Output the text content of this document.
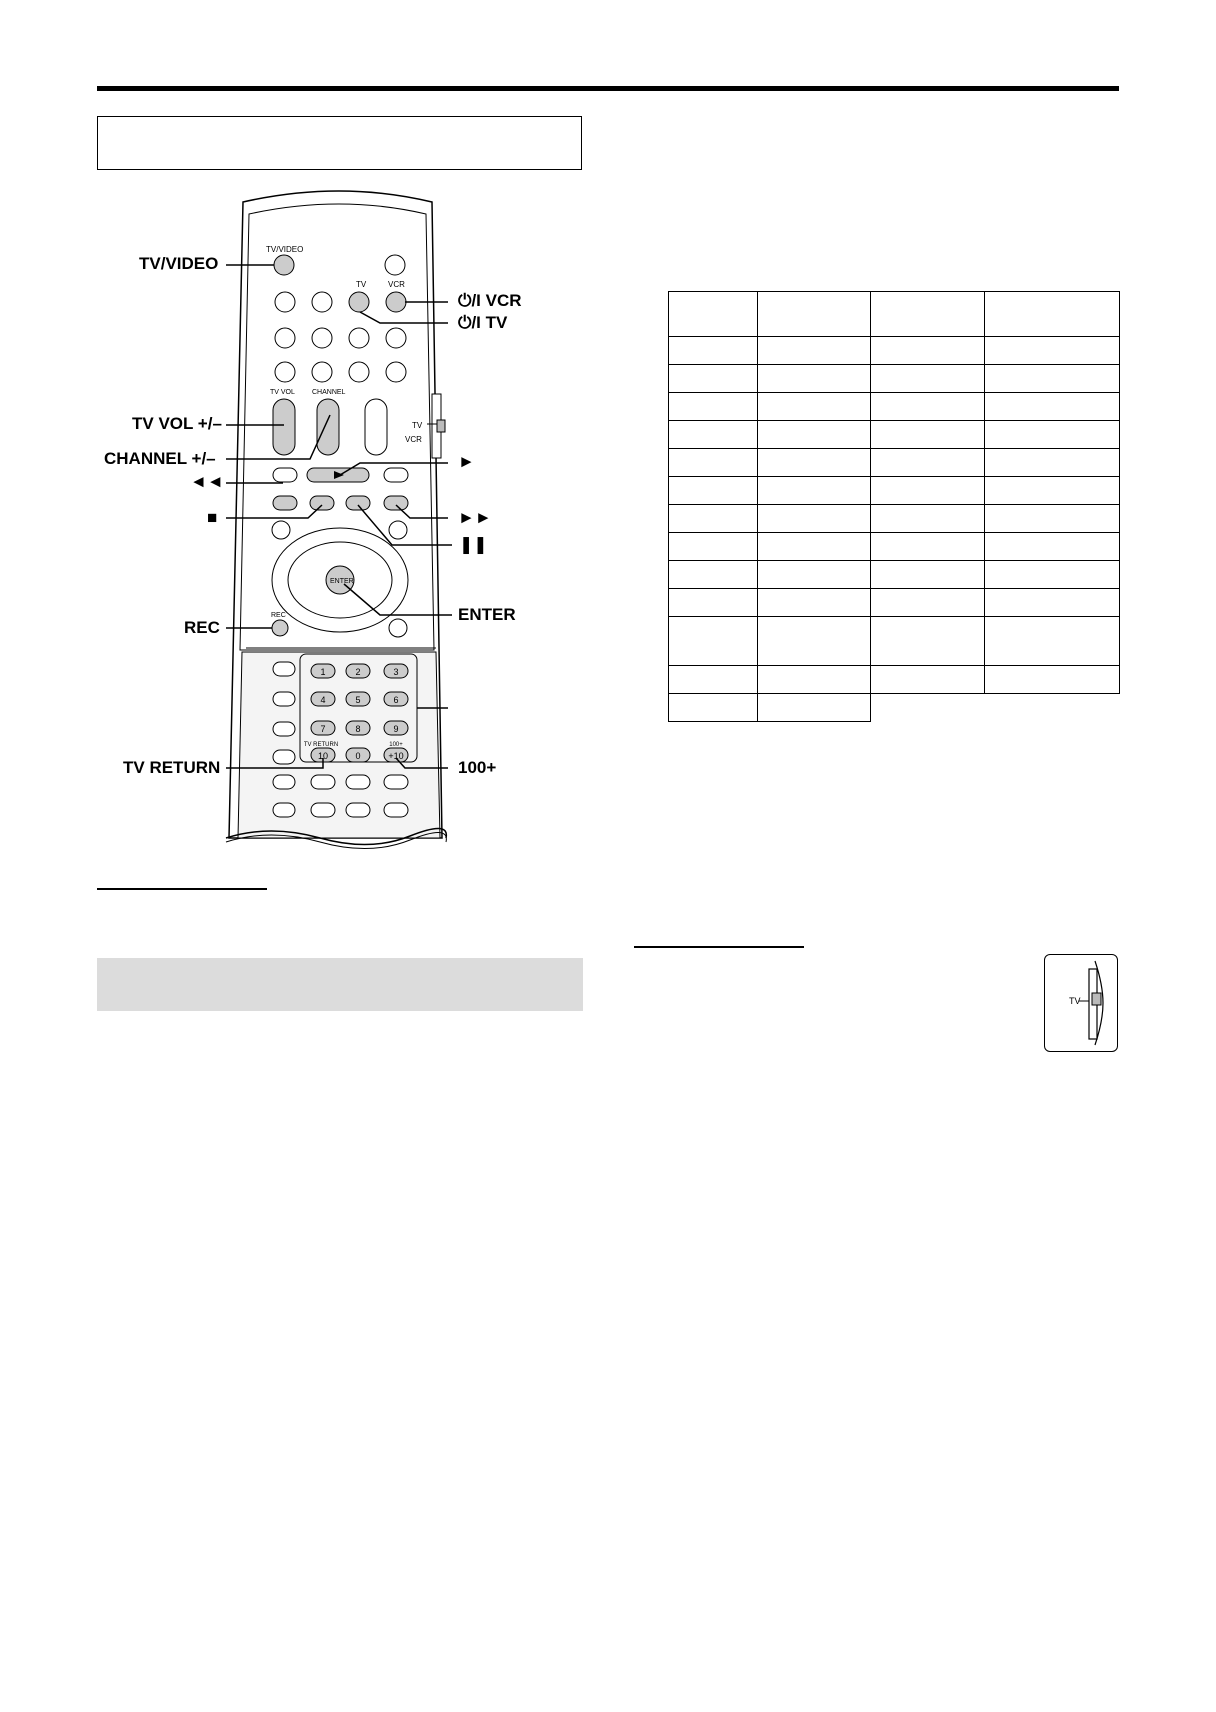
TV
VCR
TV/VIDEO
TV	VCR
TV VOL CHANNEL
ENTER
REC
1	2	3
4	5	6
7	8	9
TV RETURN	100+
10	0	+10
TV/VIDEO
⏻/I VCR
⏻/I TV
TV VOL +/–
CHANNEL +/–	►
◄◄
►►
■
❚❚
ENTER
REC
TV RETURN	100+

TV
